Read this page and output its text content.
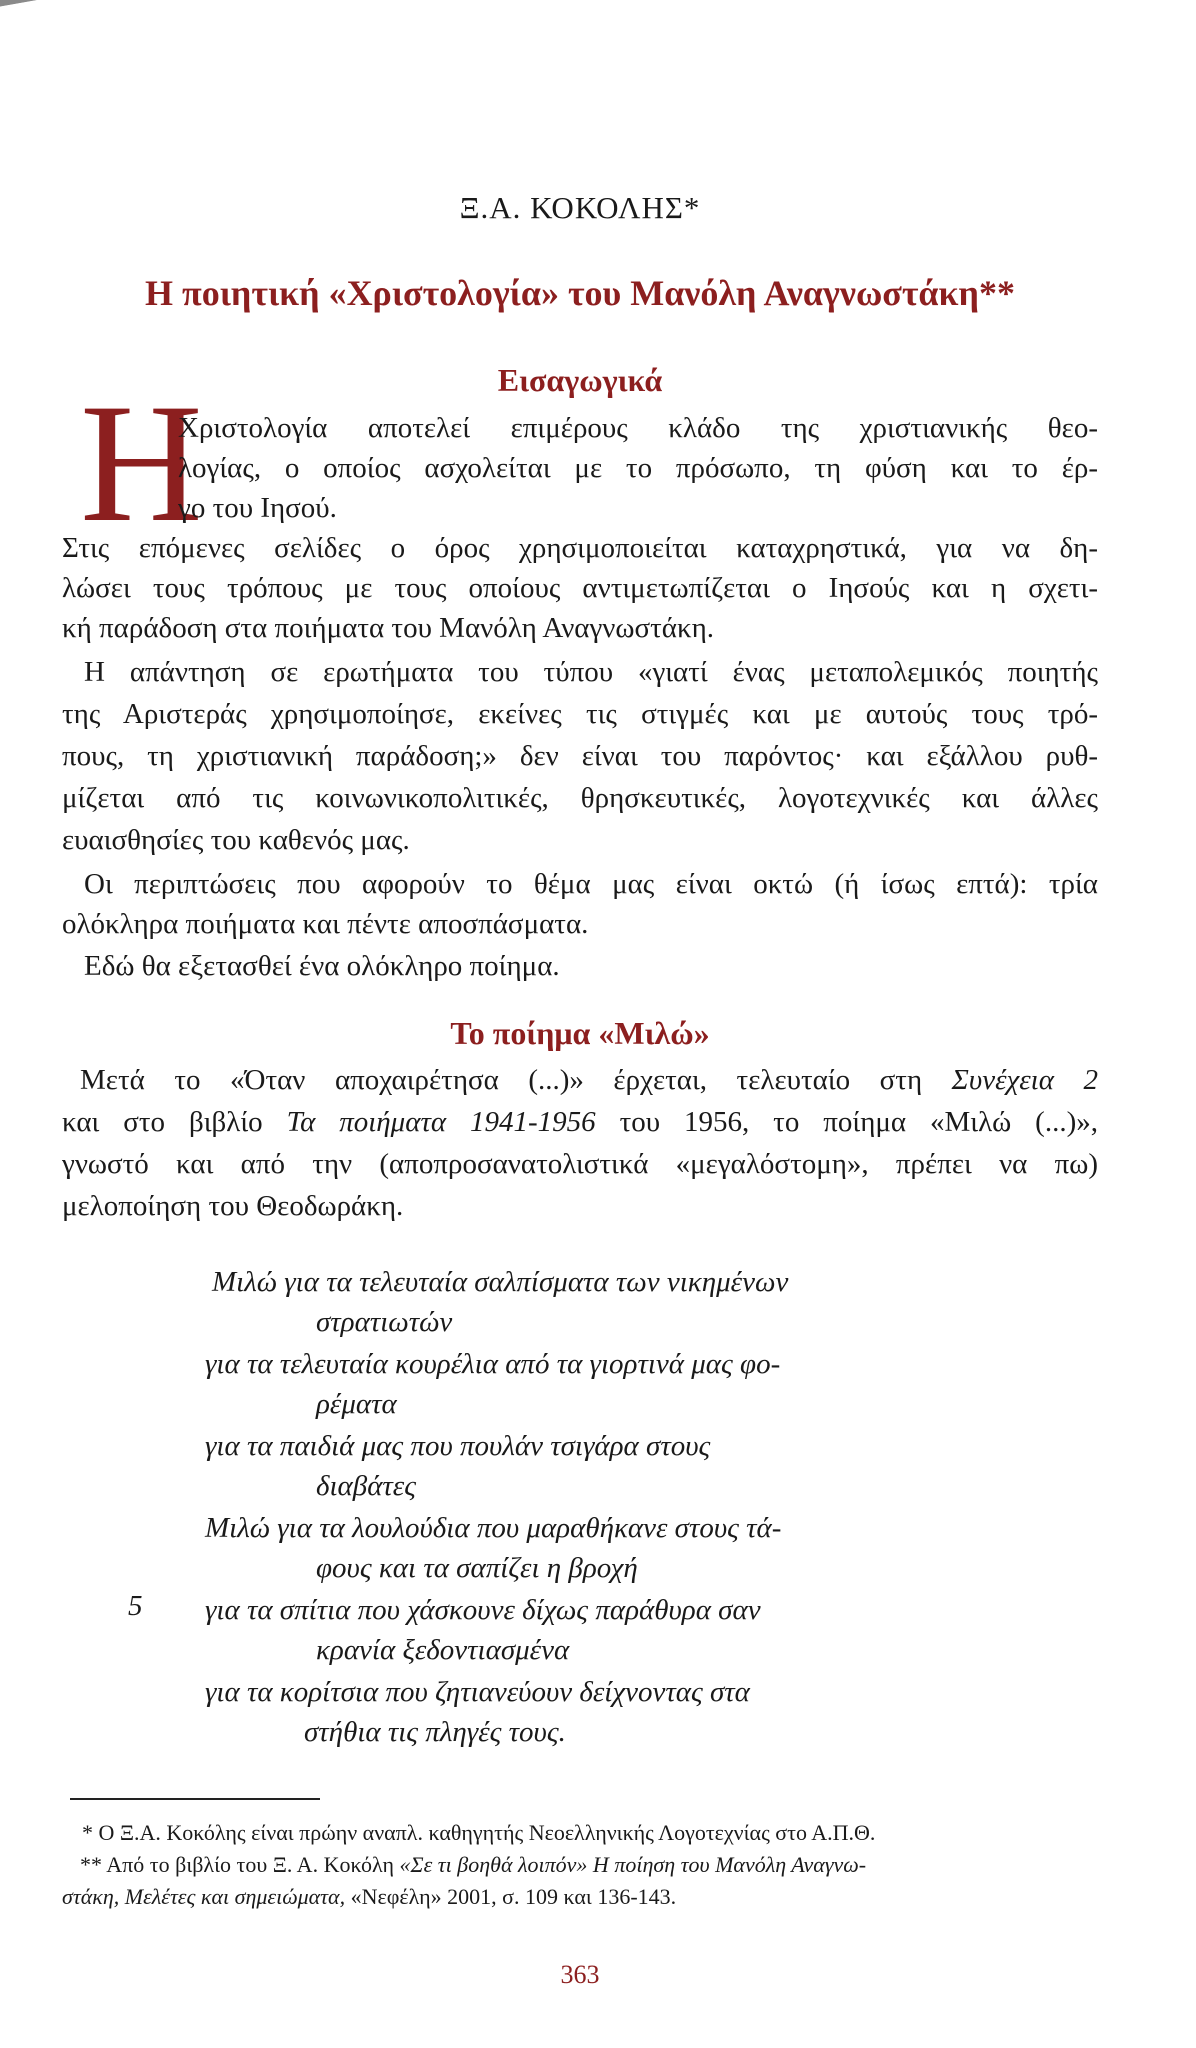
Ξ.Α. ΚΟΚΟΛΗΣ*
Η ποιητική «Χριστολογία» του Μανόλη Αναγνωστάκη**
Εισαγωγικά
Η
Χριστολογία αποτελεί επιμέρους κλάδο της χριστιανικής θεο-
λογίας, ο οποίος ασχολείται με το πρόσωπο, τη φύση και το έρ-
γο του Ιησού.
Στις επόμενες σελίδες ο όρος χρησιμοποιείται καταχρηστικά, για να δη-
λώσει τους τρόπους με τους οποίους αντιμετωπίζεται ο Ιησούς και η σχετι-
κή παράδοση στα ποιήματα του Μανόλη Αναγνωστάκη.
Η απάντηση σε ερωτήματα του τύπου «γιατί ένας μεταπολεμικός ποιητής
της Αριστεράς χρησιμοποίησε, εκείνες τις στιγμές και με αυτούς τους τρό-
πους, τη χριστιανική παράδοση;» δεν είναι του παρόντος· και εξάλλου ρυθ-
μίζεται από τις κοινωνικοπολιτικές, θρησκευτικές, λογοτεχνικές και άλλες
ευαισθησίες του καθενός μας.
Οι περιπτώσεις που αφορούν το θέμα μας είναι οκτώ (ή ίσως επτά): τρία
ολόκληρα ποιήματα και πέντε αποσπάσματα.
Εδώ θα εξετασθεί ένα ολόκληρο ποίημα.
Το ποίημα «Μιλώ»
Μετά το «Όταν αποχαιρέτησα (...)» έρχεται, τελευταίο στη Συνέχεια 2
και στο βιβλίο Τα ποιήματα 1941-1956 του 1956, το ποίημα «Μιλώ (...)»,
γνωστό και από την (αποπροσανατολιστικά «μεγαλόστομη», πρέπει να πω)
μελοποίηση του Θεοδωράκη.
Μιλώ για τα τελευταία σαλπίσματα των νικημένων
στρατιωτών
για τα τελευταία κουρέλια από τα γιορτινά μας φο-
ρέματα
για τα παιδιά μας που πουλάν τσιγάρα στους
διαβάτες
Μιλώ για τα λουλούδια που μαραθήκανε στους τά-
φους και τα σαπίζει η βροχή
5 για τα σπίτια που χάσκουνε δίχως παράθυρα σαν
κρανία ξεδοντιασμένα
για τα κορίτσια που ζητιανεύουν δείχνοντας στα
στήθια τις πληγές τους.
* Ο Ξ.Α. Κοκόλης είναι πρώην αναπλ. καθηγητής Νεοελληνικής Λογοτεχνίας στο Α.Π.Θ.
** Από το βιβλίο του Ξ. Α. Κοκόλη «Σε τι βοηθά λοιπόν» Η ποίηση του Μανόλη Αναγνω-
στάκη, Μελέτες και σημειώματα, «Νεφέλη» 2001, σ. 109 και 136-143.
363
